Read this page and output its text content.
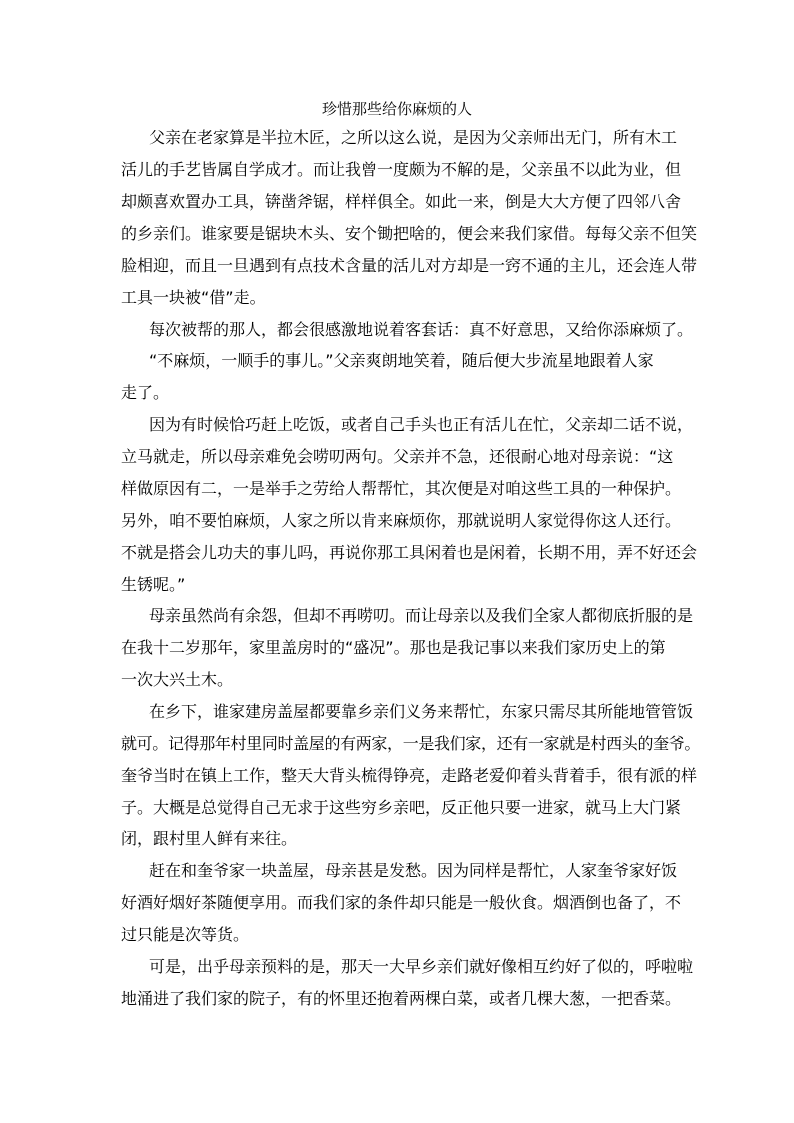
珍惜那些给你麻烦的人
父亲在老家算是半拉木匠，之所以这么说，是因为父亲师出无门，所有木工
活儿的手艺皆属自学成才。而让我曾一度颇为不解的是，父亲虽不以此为业，但
却颇喜欢置办工具，锛凿斧锯，样样俱全。如此一来，倒是大大方便了四邻八舍
的乡亲们。谁家要是锯块木头、安个锄把啥的，便会来我们家借。每每父亲不但笑
脸相迎，而且一旦遇到有点技术含量的活儿对方却是一窍不通的主儿，还会连人带
工具一块被“借”走。
每次被帮的那人，都会很感激地说着客套话：真不好意思，又给你添麻烦了。
“不麻烦，一顺手的事儿。”父亲爽朗地笑着，随后便大步流星地跟着人家
走了。
因为有时候恰巧赶上吃饭，或者自己手头也正有活儿在忙，父亲却二话不说，
立马就走，所以母亲难免会唠叨两句。父亲并不急，还很耐心地对母亲说：“这
样做原因有二，一是举手之劳给人帮帮忙，其次便是对咱这些工具的一种保护。
另外，咱不要怕麻烦，人家之所以肯来麻烦你，那就说明人家觉得你这人还行。
不就是搭会儿功夫的事儿吗，再说你那工具闲着也是闲着，长期不用，弄不好还会
生锈呢。”
母亲虽然尚有余怨，但却不再唠叨。而让母亲以及我们全家人都彻底折服的是
在我十二岁那年，家里盖房时的“盛况”。那也是我记事以来我们家历史上的第
一次大兴土木。
在乡下，谁家建房盖屋都要靠乡亲们义务来帮忙，东家只需尽其所能地管管饭
就可。记得那年村里同时盖屋的有两家，一是我们家，还有一家就是村西头的奎爷。
奎爷当时在镇上工作，整天大背头梳得铮亮，走路老爱仰着头背着手，很有派的样
子。大概是总觉得自己无求于这些穷乡亲吧，反正他只要一进家，就马上大门紧
闭，跟村里人鲜有来往。
赶在和奎爷家一块盖屋，母亲甚是发愁。因为同样是帮忙，人家奎爷家好饭
好酒好烟好茶随便享用。而我们家的条件却只能是一般伙食。烟酒倒也备了，不
过只能是次等货。
可是，出乎母亲预料的是，那天一大早乡亲们就好像相互约好了似的，呼啦啦
地涌进了我们家的院子，有的怀里还抱着两棵白菜，或者几棵大葱，一把香菜。
